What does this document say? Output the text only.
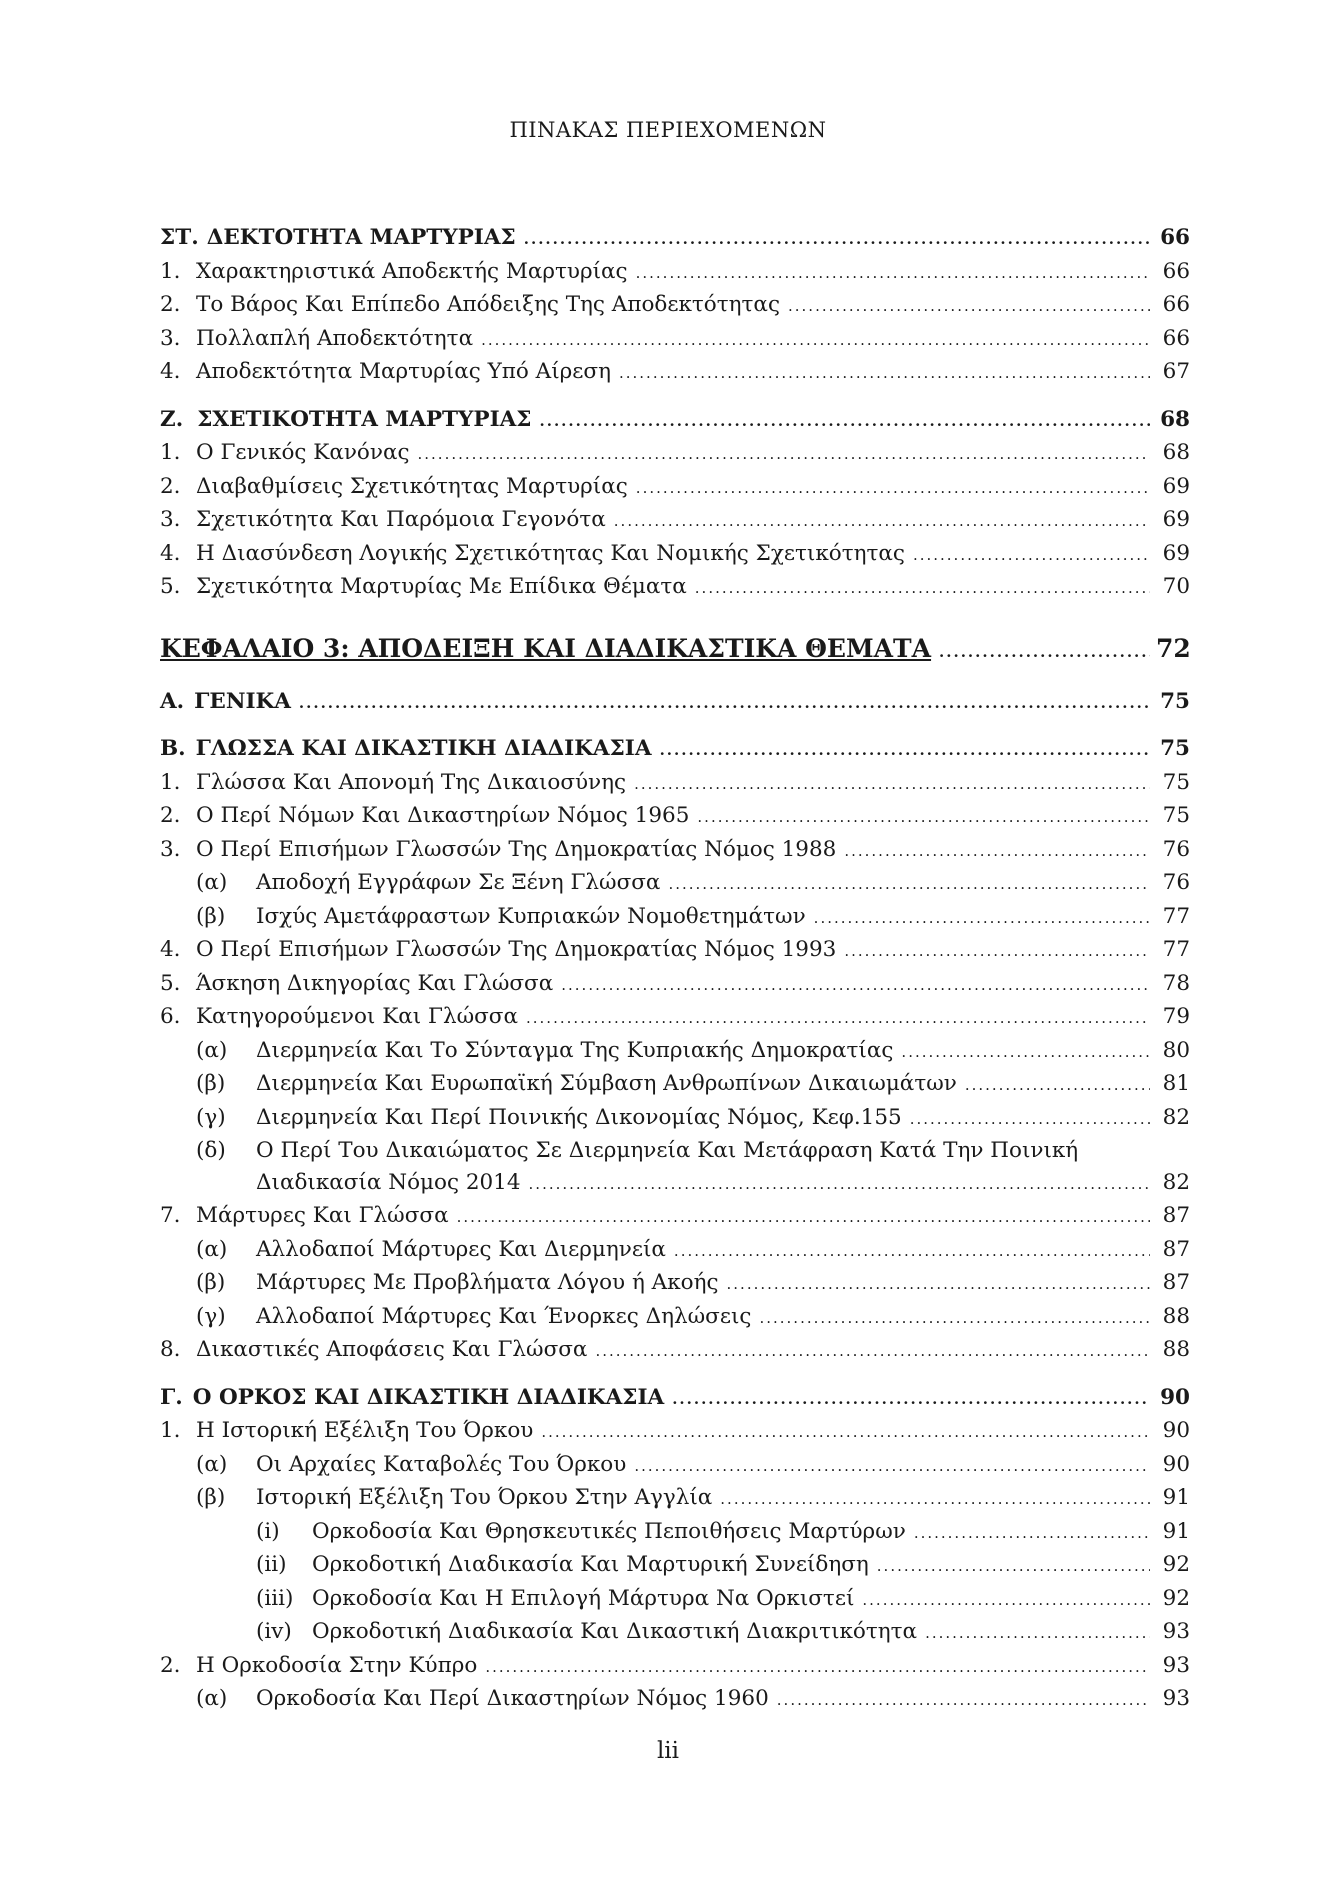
ΠΙΝΑΚΑΣ ΠΕΡΙΕΧΟΜΕΝΩΝ
ΣΤ. ΔΕΚΤΟΤΗΤΑ ΜΑΡΤΥΡΙΑΣ .....	66
1. Χαρακτηριστικά Αποδεκτής Μαρτυρίας .....	66
2. Το Βάρος Και Επίπεδο Απόδειξης Της Αποδεκτότητας .....	66
3. Πολλαπλή Αποδεκτότητα .....	66
4. Αποδεκτότητα Μαρτυρίας Υπό Αίρεση .....	67
Ζ. ΣΧΕΤΙΚΟΤΗΤΑ ΜΑΡΤΥΡΙΑΣ .....	68
1. Ο Γενικός Κανόνας .....	68
2. Διαβαθμίσεις Σχετικότητας Μαρτυρίας .....	69
3. Σχετικότητα Και Παρόμοια Γεγονότα .....	69
4. Η Διασύνδεση Λογικής Σχετικότητας Και Νομικής Σχετικότητας .....	69
5. Σχετικότητα Μαρτυρίας Με Επίδικα Θέματα .....	70
ΚΕΦΑΛΑΙΟ 3: ΑΠΟΔΕΙΞΗ ΚΑΙ ΔΙΑΔΙΚΑΣΤΙΚΑ ΘΕΜΑΤΑ .....	72
Α. ΓΕΝΙΚΑ .....	75
Β. ΓΛΩΣΣΑ ΚΑΙ ΔΙΚΑΣΤΙΚΗ ΔΙΑΔΙΚΑΣΙΑ .....	75
1. Γλώσσα Και Απονομή Της Δικαιοσύνης .....	75
2. Ο Περί Νόμων Και Δικαστηρίων Νόμος 1965 .....	75
3. Ο Περί Επισήμων Γλωσσών Της Δημοκρατίας Νόμος 1988 .....	76
(α)	Αποδοχή Εγγράφων Σε Ξένη Γλώσσα .....	76
(β)	Ισχύς Αμετάφραστων Κυπριακών Νομοθετημάτων .....	77
4. Ο Περί Επισήμων Γλωσσών Της Δημοκρατίας Νόμος 1993 .....	77
5. Άσκηση Δικηγορίας Και Γλώσσα .....	78
6. Κατηγορούμενοι Και Γλώσσα .....	79
(α)	Διερμηνεία Και Το Σύνταγμα Της Κυπριακής Δημοκρατίας .....	80
(β)	Διερμηνεία Και Ευρωπαϊκή Σύμβαση Ανθρωπίνων Δικαιωμάτων .....	81
(γ)	Διερμηνεία Και Περί Ποινικής Δικονομίας Νόμος, Κεφ.155 .....	82
(δ)	Ο Περί Του Δικαιώματος Σε Διερμηνεία Και Μετάφραση Κατά Την Ποινική
Διαδικασία Νόμος 2014 .....	82
7. Μάρτυρες Και Γλώσσα .....	87
(α)	Αλλοδαποί Μάρτυρες Και Διερμηνεία .....	87
(β)	Μάρτυρες Με Προβλήματα Λόγου ή Ακοής .....	87
(γ)	Αλλοδαποί Μάρτυρες Και Ένορκες Δηλώσεις .....	88
8. Δικαστικές Αποφάσεις Και Γλώσσα .....	88
Γ. Ο ΟΡΚΟΣ ΚΑΙ ΔΙΚΑΣΤΙΚΗ ΔΙΑΔΙΚΑΣΙΑ .....	90
1. Η Ιστορική Εξέλιξη Του Όρκου .....	90
(α)	Οι Αρχαίες Καταβολές Του Όρκου .....	90
(β)	Ιστορική Εξέλιξη Του Όρκου Στην Αγγλία .....	91
(i)	Ορκοδοσία Και Θρησκευτικές Πεποιθήσεις Μαρτύρων .....	91
(ii)	Ορκοδοτική Διαδικασία Και Μαρτυρική Συνείδηση .....	92
(iii) Ορκοδοσία Και Η Επιλογή Μάρτυρα Να Ορκιστεί .....	92
(iv) Ορκοδοτική Διαδικασία Και Δικαστική Διακριτικότητα .....	93
2. Η Ορκοδοσία Στην Κύπρο .....	93
(α)	Ορκοδοσία Και Περί Δικαστηρίων Νόμος 1960 .....	93
lii
